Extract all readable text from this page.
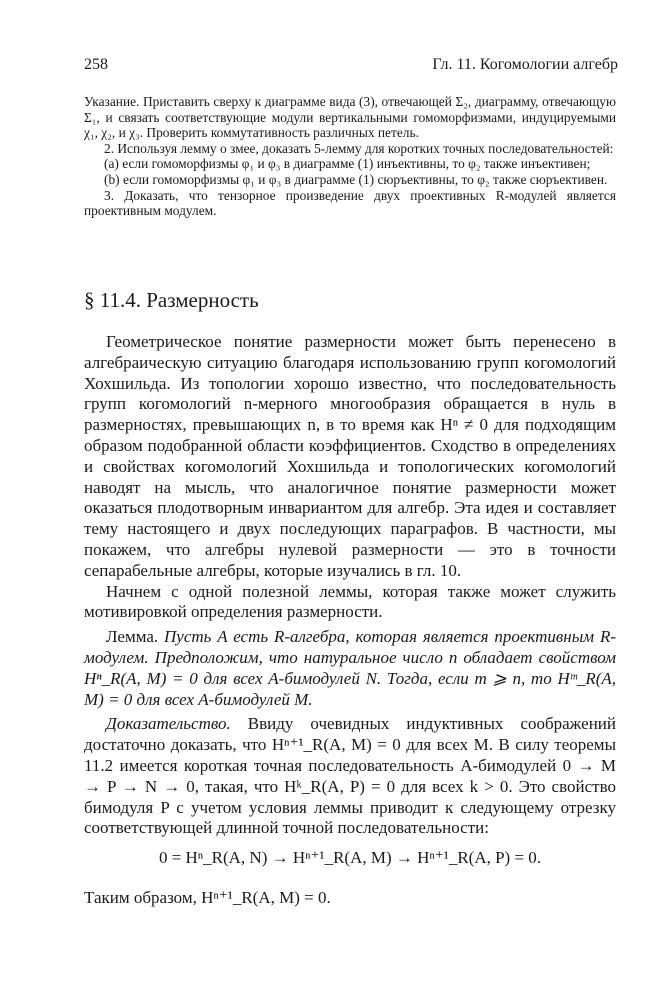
258	Гл. 11. Когомологии алгебр

Указание. Приставить сверху к диаграмме вида (3), отвечающей Σ₂, диаграмму, отвечающую Σ₁, и связать соответствующие модули вертикальными гомоморфизмами, индуцируемыми χ₁, χ₂, и χ₃. Проверить коммутативность различных петель.

2. Используя лемму о змее, доказать 5-лемму для коротких точных последовательностей:

(a) если гомоморфизмы φ₁ и φ₃ в диаграмме (1) инъективны, то φ₂ также инъективен;

(b) если гомоморфизмы φ₁ и φ₃ в диаграмме (1) сюръективны, то φ₂ также сюръективен.

3. Доказать, что тензорное произведение двух проективных R-модулей является проективным модулем.

§ 11.4. Размерность

Геометрическое понятие размерности может быть перенесено в алгебраическую ситуацию благодаря использованию групп когомологий Хохшильда. Из топологии хорошо известно, что последовательность групп когомологий n-мерного многообразия обращается в нуль в размерностях, превышающих n, в то время как Hⁿ ≠ 0 для подходящим образом подобранной области коэффициентов. Сходство в определениях и свойствах когомологий Хохшильда и топологических когомологий наводят на мысль, что аналогичное понятие размерности может оказаться плодотворным инвариантом для алгебр. Эта идея и составляет тему настоящего и двух последующих параграфов. В частности, мы покажем, что алгебры нулевой размерности — это в точности сепарабельные алгебры, которые изучались в гл. 10.

Начнем с одной полезной леммы, которая также может служить мотивировкой определения размерности.

Лемма. Пусть A есть R-алгебра, которая является проективным R-модулем. Предположим, что натуральное число n обладает свойством Hⁿ_R(A, M) = 0 для всех A-бимодулей N. Тогда, если m ⩾ n, то Hᵐ_R(A, M) = 0 для всех A-бимодулей M.

Доказательство. Ввиду очевидных индуктивных соображений достаточно доказать, что Hⁿ⁺¹_R(A, M) = 0 для всех M. В силу теоремы 11.2 имеется короткая точная последовательность A-бимодулей 0 → M → P → N → 0, такая, что Hᵏ_R(A, P) = 0 для всех k > 0. Это свойство бимодуля P с учетом условия леммы приводит к следующему отрезку соответствующей длинной точной последовательности:

0 = Hⁿ_R(A, N) → Hⁿ⁺¹_R(A, M) → Hⁿ⁺¹_R(A, P) = 0.
Таким образом, Hⁿ⁺¹_R(A, M) = 0.
